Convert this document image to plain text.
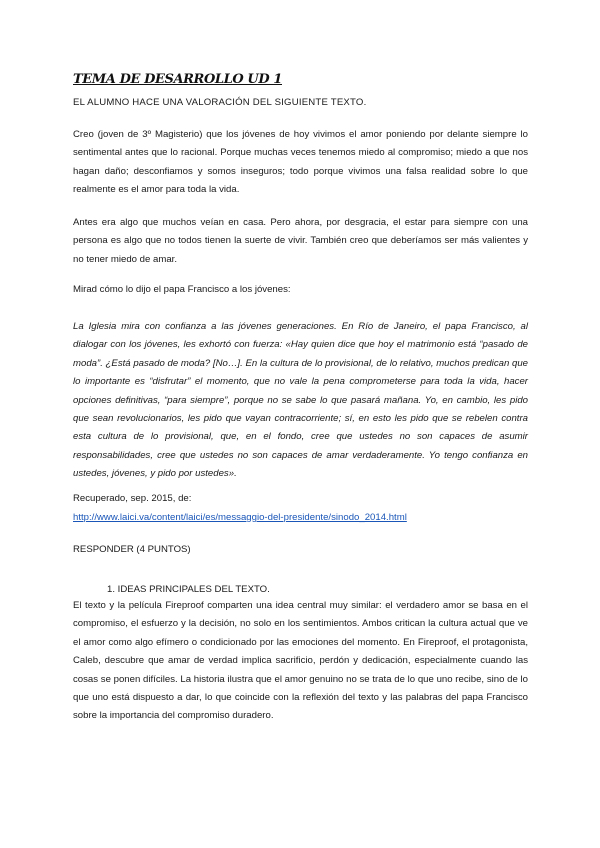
TEMA DE DESARROLLO UD 1

EL ALUMNO HACE UNA VALORACIÓN DEL SIGUIENTE TEXTO.

Creo (joven de 3º Magisterio) que los jóvenes de hoy vivimos el amor poniendo por delante siempre lo sentimental antes que lo racional. Porque muchas veces tenemos miedo al compromiso; miedo a que nos hagan daño; desconfiamos y somos inseguros; todo porque vivimos una falsa realidad sobre lo que realmente es el amor para toda la vida.

Antes era algo que muchos veían en casa. Pero ahora, por desgracia, el estar para siempre con una persona es algo que no todos tienen la suerte de vivir. También creo que deberíamos ser más valientes y no tener miedo de amar.

Mirad cómo lo dijo el papa Francisco a los jóvenes:

La Iglesia mira con confianza a las jóvenes generaciones. En Río de Janeiro, el papa Francisco, al dialogar con los jóvenes, les exhortó con fuerza: «Hay quien dice que hoy el matrimonio está “pasado de moda”. ¿Está pasado de moda? [No…]. En la cultura de lo provisional, de lo relativo, muchos predican que lo importante es “disfrutar” el momento, que no vale la pena comprometerse para toda la vida, hacer opciones definitivas, “para siempre”, porque no se sabe lo que pasará mañana. Yo, en cambio, les pido que sean revolucionarios, les pido que vayan contracorriente; sí, en esto les pido que se rebelen contra esta cultura de lo provisional, que, en el fondo, cree que ustedes no son capaces de asumir responsabilidades, cree que ustedes no son capaces de amar verdaderamente. Yo tengo confianza en ustedes, jóvenes, y pido por ustedes».

Recuperado, sep. 2015, de:

http://www.laici.va/content/laici/es/messaggio-del-presidente/sinodo_2014.html

RESPONDER (4 PUNTOS)

1. IDEAS PRINCIPALES DEL TEXTO.

El texto y la película Fireproof comparten una idea central muy similar: el verdadero amor se basa en el compromiso, el esfuerzo y la decisión, no solo en los sentimientos. Ambos critican la cultura actual que ve el amor como algo efímero o condicionado por las emociones del momento. En Fireproof, el protagonista, Caleb, descubre que amar de verdad implica sacrificio, perdón y dedicación, especialmente cuando las cosas se ponen difíciles. La historia ilustra que el amor genuino no se trata de lo que uno recibe, sino de lo que uno está dispuesto a dar, lo que coincide con la reflexión del texto y las palabras del papa Francisco sobre la importancia del compromiso duradero.
